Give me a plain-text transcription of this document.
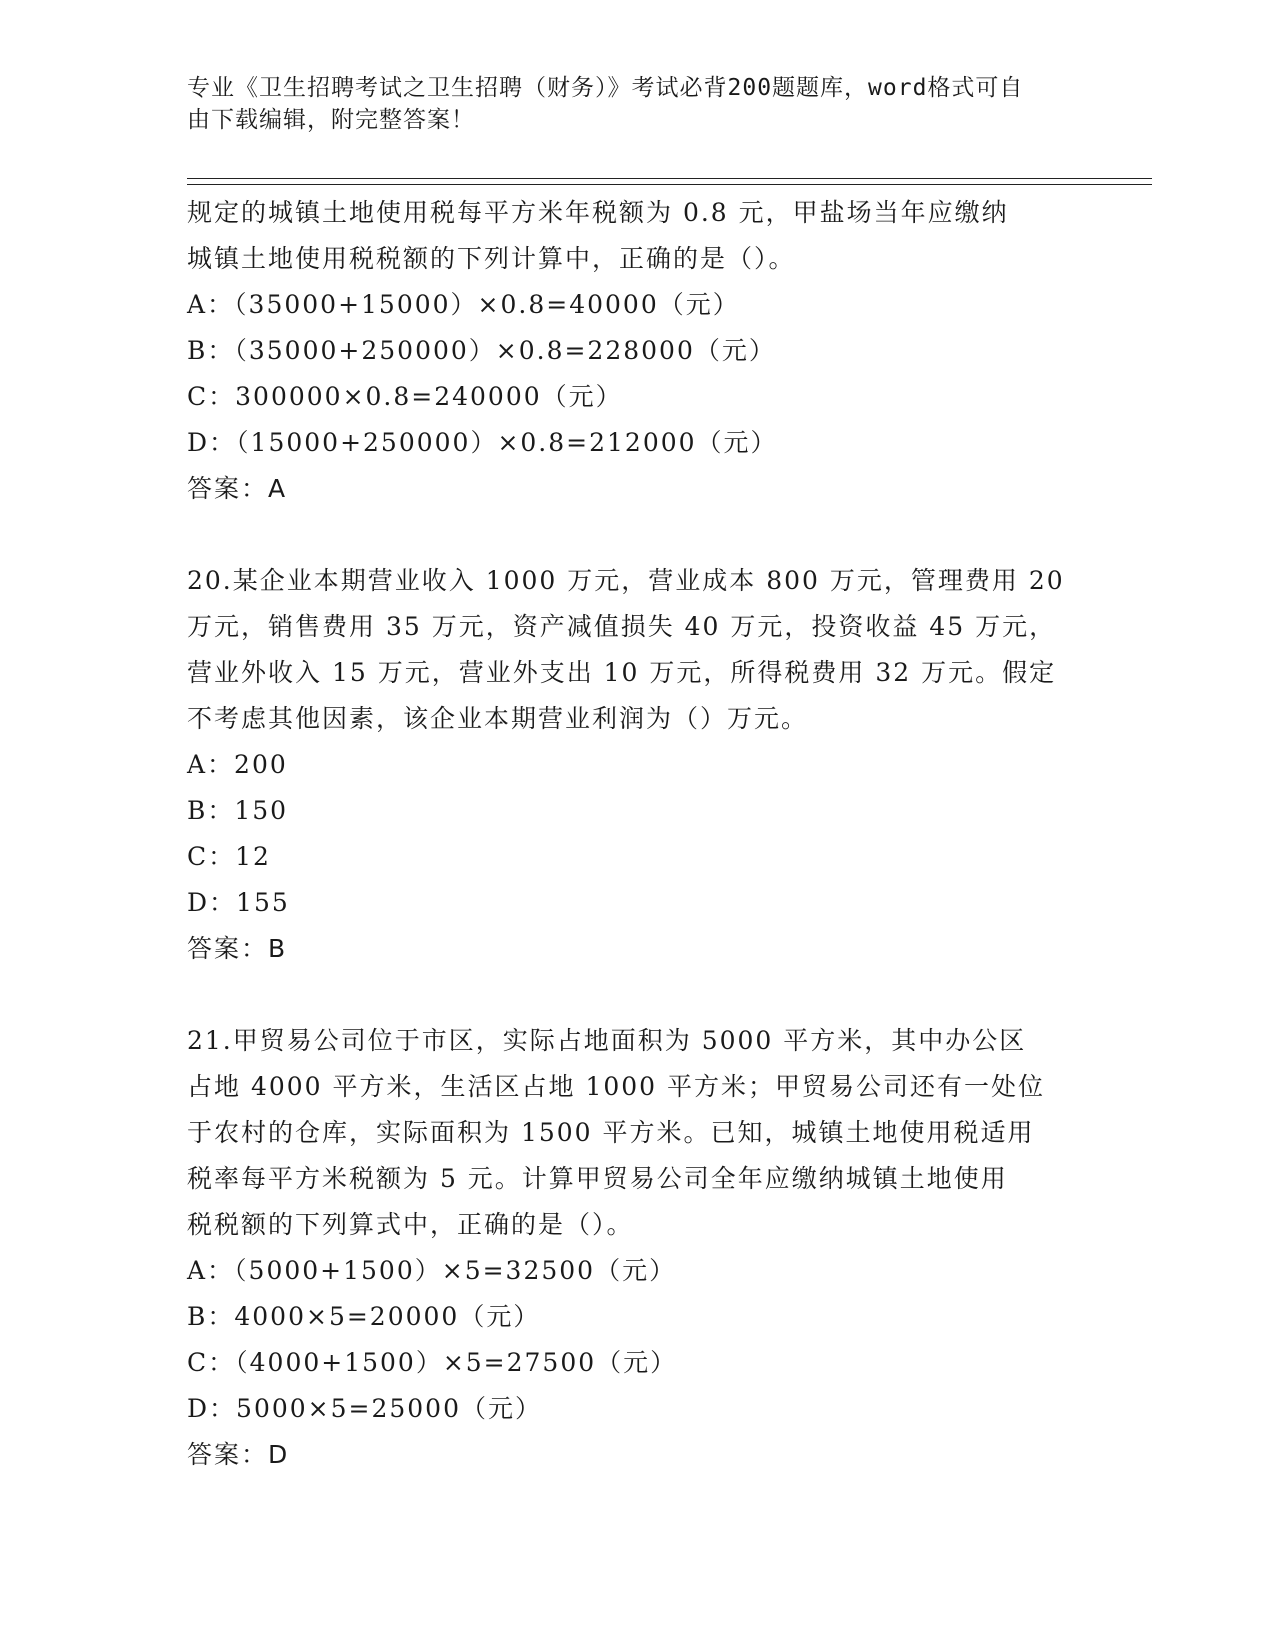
专业《卫生招聘考试之卫生招聘（财务）》考试必背200题题库，word格式可自
由下载编辑，附完整答案！
规定的城镇土地使用税每平方米年税额为 0.8 元，甲盐场当年应缴纳
城镇土地使用税税额的下列计算中，正确的是（）。
A：（35000+15000）×0.8=40000（元）
B：（35000+250000）×0.8=228000（元）
C：300000×0.8=240000（元）
D：（15000+250000）×0.8=212000（元）
答案：A
20.某企业本期营业收入 1000 万元，营业成本 800 万元，管理费用 20
万元，销售费用 35 万元，资产减值损失 40 万元，投资收益 45 万元，
营业外收入 15 万元，营业外支出 10 万元，所得税费用 32 万元。假定
不考虑其他因素，该企业本期营业利润为（）万元。
A：200
B：150
C：12
D：155
答案：B
21.甲贸易公司位于市区，实际占地面积为 5000 平方米，其中办公区
占地 4000 平方米，生活区占地 1000 平方米；甲贸易公司还有一处位
于农村的仓库，实际面积为 1500 平方米。已知，城镇土地使用税适用
税率每平方米税额为 5 元。计算甲贸易公司全年应缴纳城镇土地使用
税税额的下列算式中，正确的是（）。
A：（5000+1500）×5=32500（元）
B：4000×5=20000（元）
C：（4000+1500）×5=27500（元）
D：5000×5=25000（元）
答案：D
